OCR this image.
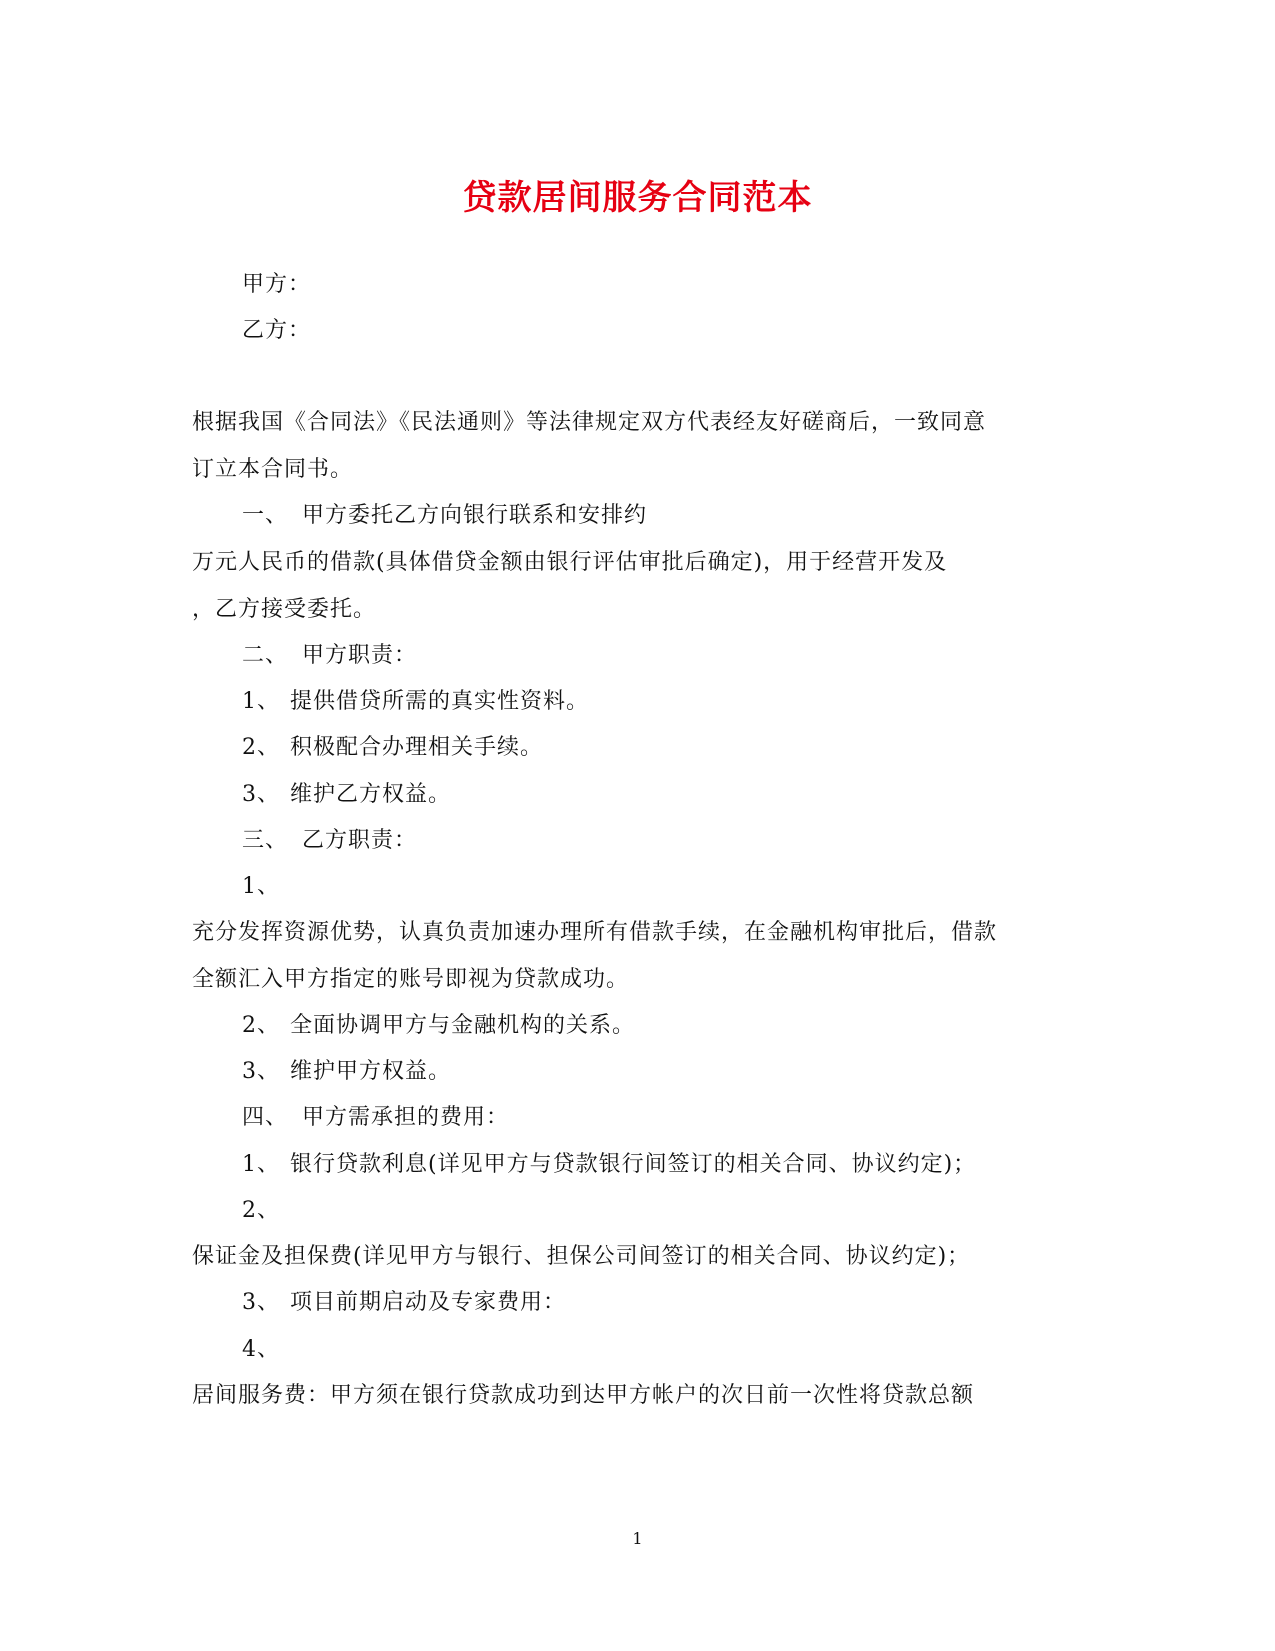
贷款居间服务合同范本
甲方：
乙方：
根据我国《合同法》《民法通则》等法律规定双方代表经友好磋商后，一致同意
订立本合同书。
一、 甲方委托乙方向银行联系和安排约
万元人民币的借款(具体借贷金额由银行评估审批后确定)，用于经营开发及
，乙方接受委托。
二、 甲方职责：
1、 提供借贷所需的真实性资料。
2、 积极配合办理相关手续。
3、 维护乙方权益。
三、 乙方职责：
1、
充分发挥资源优势，认真负责加速办理所有借款手续，在金融机构审批后，借款
全额汇入甲方指定的账号即视为贷款成功。
2、 全面协调甲方与金融机构的关系。
3、 维护甲方权益。
四、 甲方需承担的费用：
1、 银行贷款利息(详见甲方与贷款银行间签订的相关合同、协议约定)；
2、
保证金及担保费(详见甲方与银行、担保公司间签订的相关合同、协议约定)；
3、 项目前期启动及专家费用：
4、
居间服务费：甲方须在银行贷款成功到达甲方帐户的次日前一次性将贷款总额
1
